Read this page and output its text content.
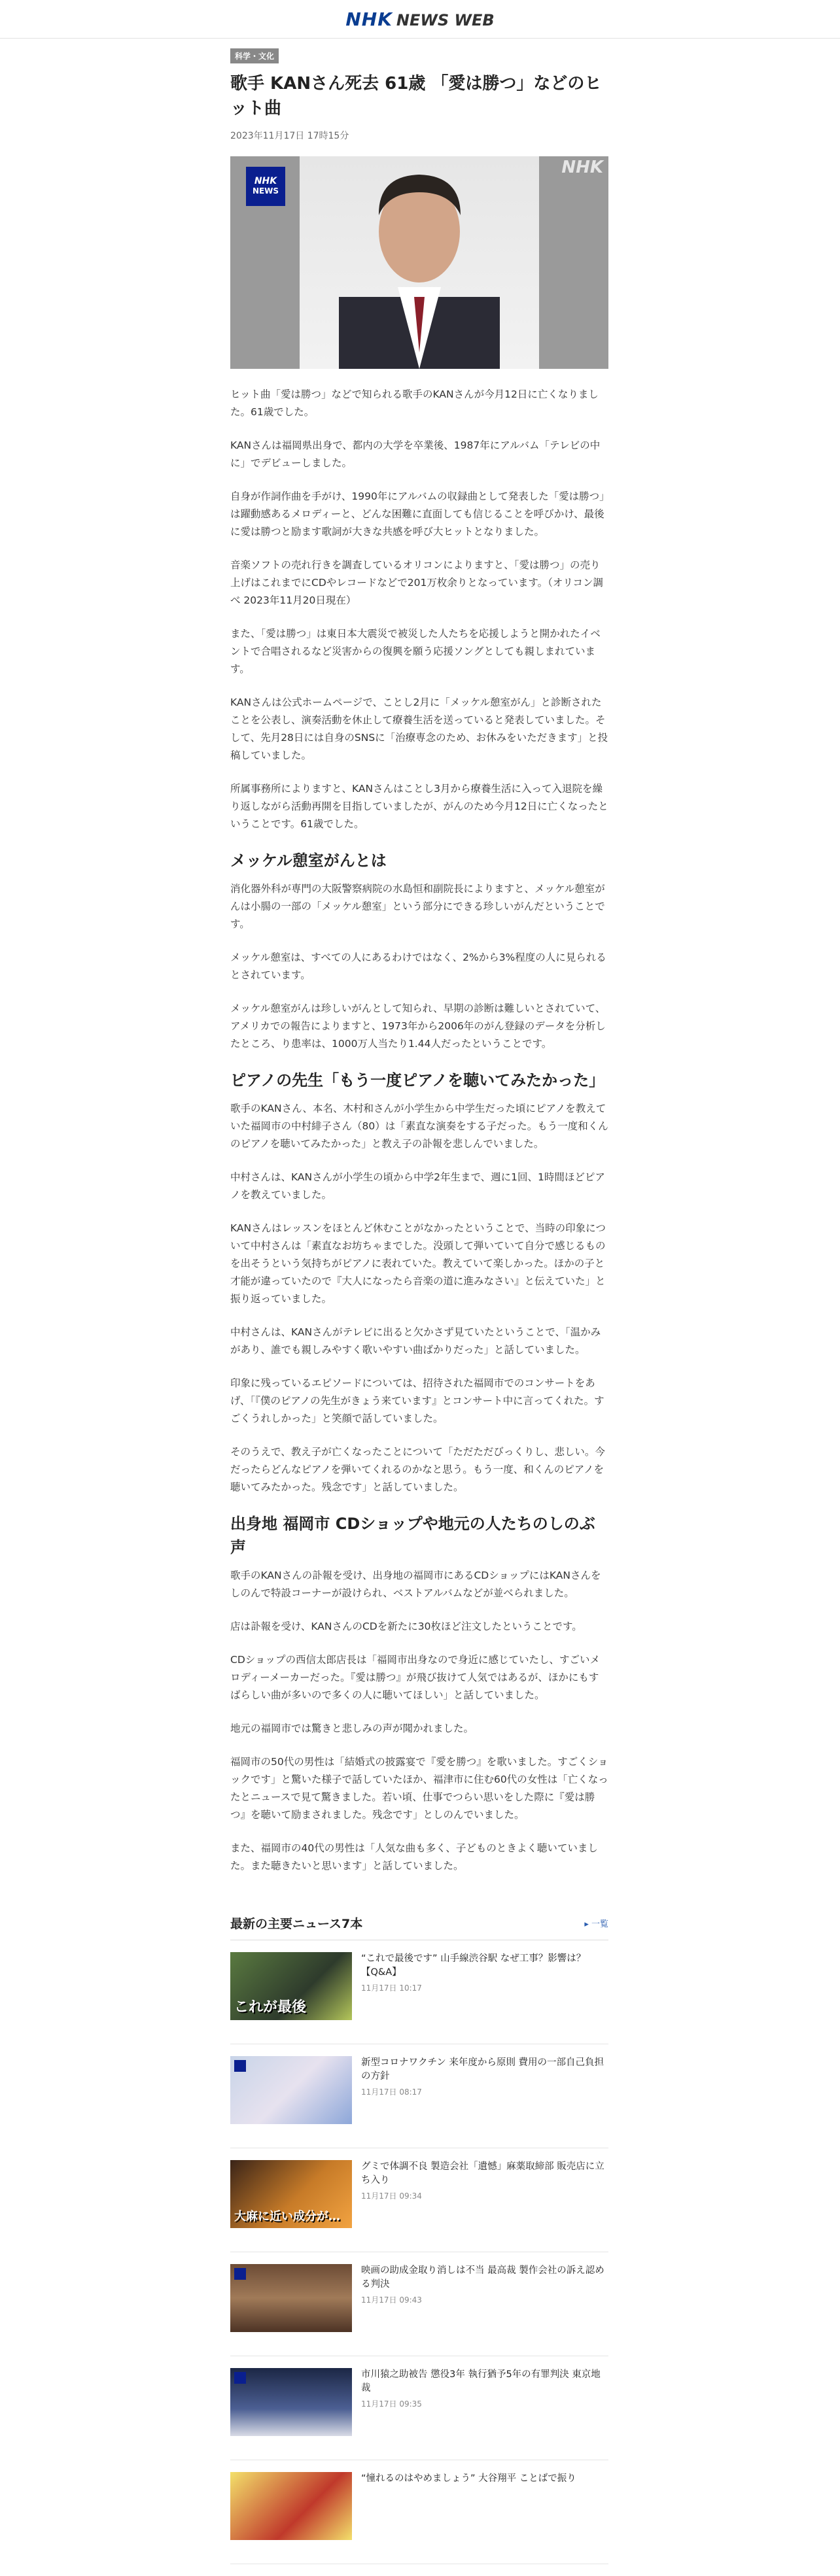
NHK NEWS WEB
科学・文化
歌手 KANさん死去 61歳 「愛は勝つ」などのヒット曲
2023年11月17日 17時15分
NHK
NEWS
NHK

ヒット曲「愛は勝つ」などで知られる歌手のKANさんが今月12日に亡くなりました。61歳でした。

KANさんは福岡県出身で、都内の大学を卒業後、1987年にアルバム「テレビの中に」でデビューしました。

自身が作詞作曲を手がけ、1990年にアルバムの収録曲として発表した「愛は勝つ」は躍動感あるメロディーと、どんな困難に直面しても信じることを呼びかけ、最後に愛は勝つと励ます歌詞が大きな共感を呼び大ヒットとなりました。

音楽ソフトの売れ行きを調査しているオリコンによりますと、「愛は勝つ」の売り上げはこれまでにCDやレコードなどで201万枚余りとなっています。（オリコン調べ 2023年11月20日現在）

また、「愛は勝つ」は東日本大震災で被災した人たちを応援しようと開かれたイベントで合唱されるなど災害からの復興を願う応援ソングとしても親しまれています。

KANさんは公式ホームページで、ことし2月に「メッケル憩室がん」と診断されたことを公表し、演奏活動を休止して療養生活を送っていると発表していました。そして、先月28日には自身のSNSに「治療専念のため、お休みをいただきます」と投稿していました。

所属事務所によりますと、KANさんはことし3月から療養生活に入って入退院を繰り返しながら活動再開を目指していましたが、がんのため今月12日に亡くなったということです。61歳でした。

メッケル憩室がんとは

消化器外科が専門の大阪警察病院の水島恒和副院長によりますと、メッケル憩室がんは小腸の一部の「メッケル憩室」という部分にできる珍しいがんだということです。

メッケル憩室は、すべての人にあるわけではなく、2%から3%程度の人に見られるとされています。

メッケル憩室がんは珍しいがんとして知られ、早期の診断は難しいとされていて、アメリカでの報告によりますと、1973年から2006年のがん登録のデータを分析したところ、り患率は、1000万人当たり1.44人だったということです。

ピアノの先生「もう一度ピアノを聴いてみたかった」

歌手のKANさん、本名、木村和さんが小学生から中学生だった頃にピアノを教えていた福岡市の中村緋子さん（80）は「素直な演奏をする子だった。もう一度和くんのピアノを聴いてみたかった」と教え子の訃報を悲しんでいました。

中村さんは、KANさんが小学生の頃から中学2年生まで、週に1回、1時間ほどピアノを教えていました。

KANさんはレッスンをほとんど休むことがなかったということで、当時の印象について中村さんは「素直なお坊ちゃまでした。没頭して弾いていて自分で感じるものを出そうという気持ちがピアノに表れていた。教えていて楽しかった。ほかの子と才能が違っていたので『大人になったら音楽の道に進みなさい』と伝えていた」と振り返っていました。

中村さんは、KANさんがテレビに出ると欠かさず見ていたということで、「温かみがあり、誰でも親しみやすく歌いやすい曲ばかりだった」と話していました。

印象に残っているエピソードについては、招待された福岡市でのコンサートをあげ、「『僕のピアノの先生がきょう来ています』とコンサート中に言ってくれた。すごくうれしかった」と笑顔で話していました。

そのうえで、教え子が亡くなったことについて「ただただびっくりし、悲しい。今だったらどんなピアノを弾いてくれるのかなと思う。もう一度、和くんのピアノを聴いてみたかった。残念です」と話していました。

出身地 福岡市 CDショップや地元の人たちのしのぶ声

歌手のKANさんの訃報を受け、出身地の福岡市にあるCDショップにはKANさんをしのんで特設コーナーが設けられ、ベストアルバムなどが並べられました。

店は訃報を受け、KANさんのCDを新たに30枚ほど注文したということです。

CDショップの西信太郎店長は「福岡市出身なので身近に感じていたし、すごいメロディーメーカーだった。『愛は勝つ』が飛び抜けて人気ではあるが、ほかにもすばらしい曲が多いので多くの人に聴いてほしい」と話していました。

地元の福岡市では驚きと悲しみの声が聞かれました。

福岡市の50代の男性は「結婚式の披露宴で『愛を勝つ』を歌いました。すごくショックです」と驚いた様子で話していたほか、福津市に住む60代の女性は「亡くなったとニュースで見て驚きました。若い頃、仕事でつらい思いをした際に『愛は勝つ』を聴いて励まされました。残念です」としのんでいました。

また、福岡市の40代の男性は「人気な曲も多く、子どものときよく聴いていました。また聴きたいと思います」と話していました。

最新の主要ニュース7本	▸ 一覧
これが最後
“これで最後です” 山手線渋谷駅 なぜ工事？影響は？【Q&A】
11月17日 10:17
新型コロナワクチン 来年度から原則 費用の一部自己負担の方針
11月17日 08:17
大麻に近い成分が…
グミで体調不良 製造会社「遺憾」麻薬取締部 販売店に立ち入り
11月17日 09:34
映画の助成金取り消しは不当 最高裁 製作会社の訴え認める判決
11月17日 09:43
市川猿之助被告 懲役3年 執行猶予5年の有罪判決 東京地裁
11月17日 09:35
“憧れるのはやめましょう” 大谷翔平 ことばで振り
